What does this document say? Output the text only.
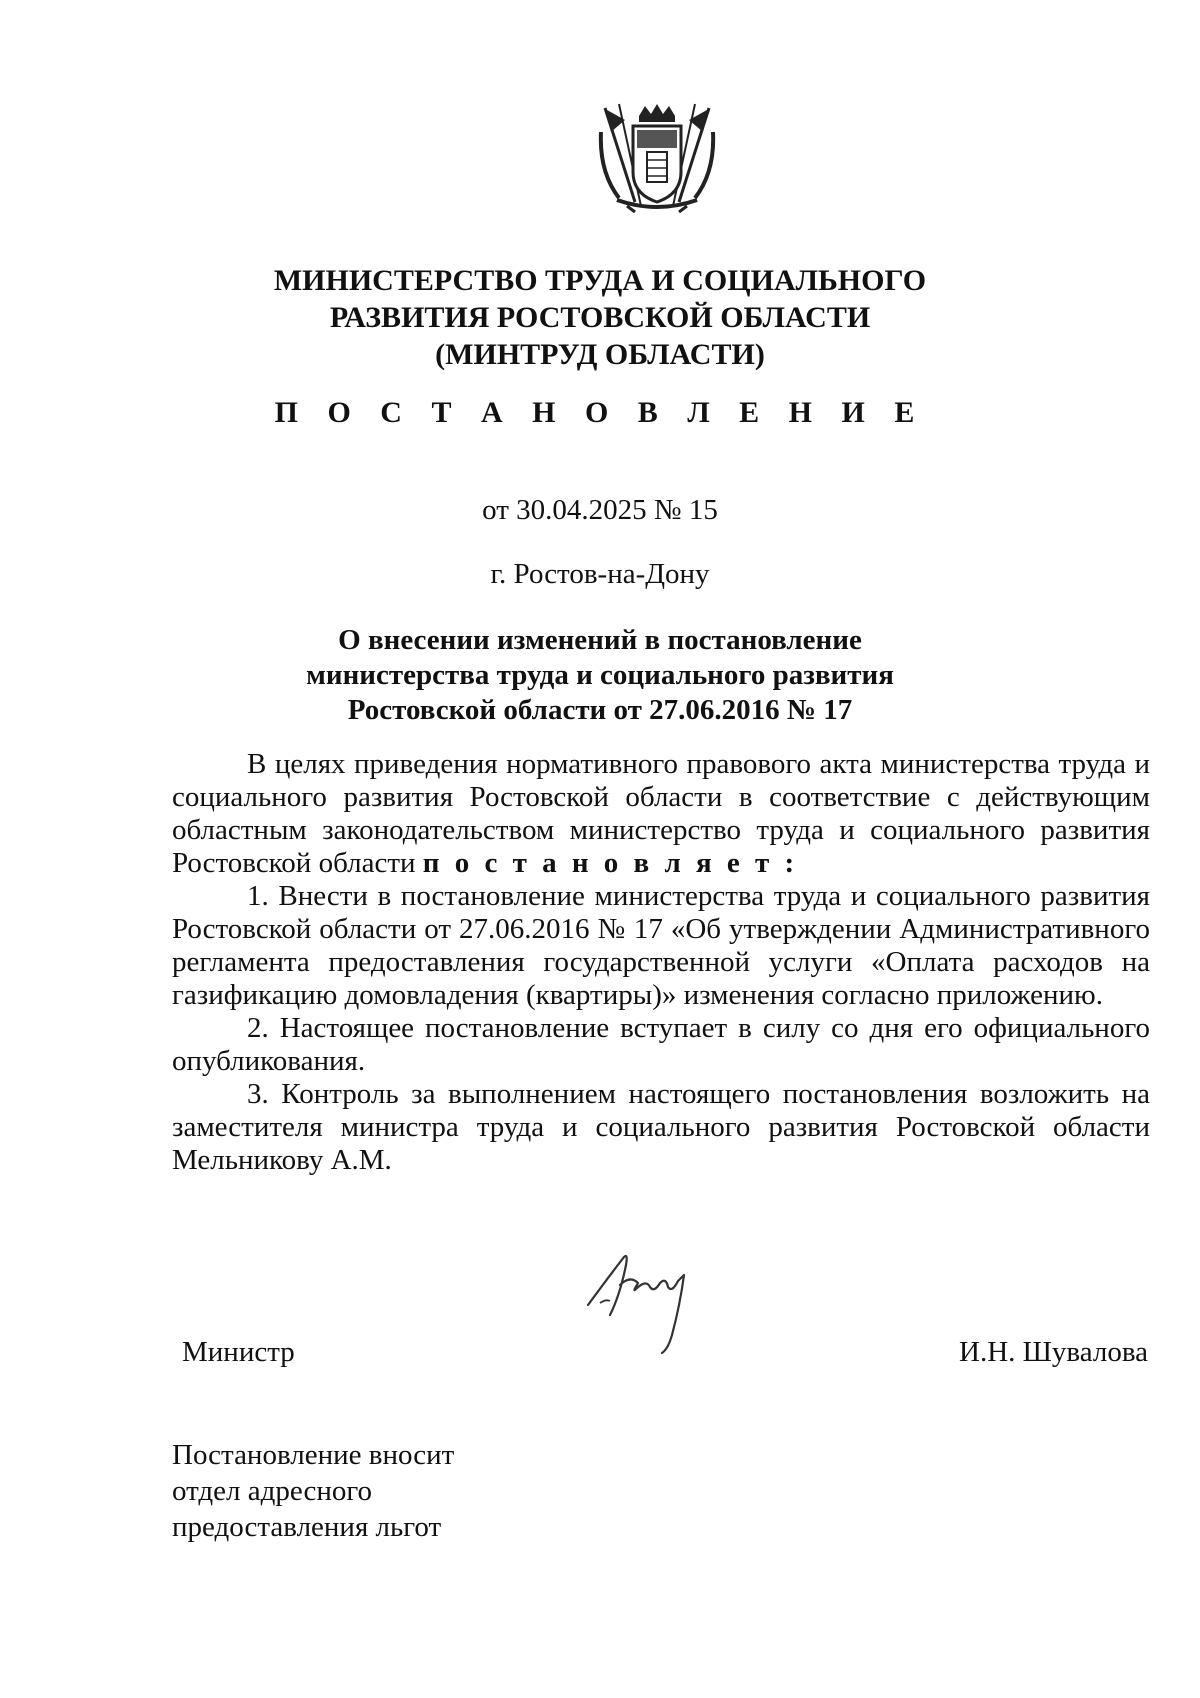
МИНИСТЕРСТВО ТРУДА И СОЦИАЛЬНОГО
РАЗВИТИЯ РОСТОВСКОЙ ОБЛАСТИ
(МИНТРУД ОБЛАСТИ)
П О С Т А Н О В Л Е Н И Е
от 30.04.2025 № 15
г. Ростов-на-Дону
О внесении изменений в постановление
министерства труда и социального развития
Ростовской области от 27.06.2016 № 17

В целях приведения нормативного правового акта министерства труда и социального развития Ростовской области в соответствие с действующим областным законодательством министерство труда и социального развития Ростовской области п о с т а н о в л я е т :

1. Внести в постановление министерства труда и социального развития Ростовской области от 27.06.2016 № 17 «Об утверждении Административного регламента предоставления государственной услуги «Оплата расходов на газификацию домовладения (квартиры)» изменения согласно приложению.

2. Настоящее постановление вступает в силу со дня его официального опубликования.

3. Контроль за выполнением настоящего постановления возложить на заместителя министра труда и социального развития Ростовской области Мельникову А.М.

Министр	И.Н. Шувалова
Постановление вносит
отдел адресного
предоставления льгот
